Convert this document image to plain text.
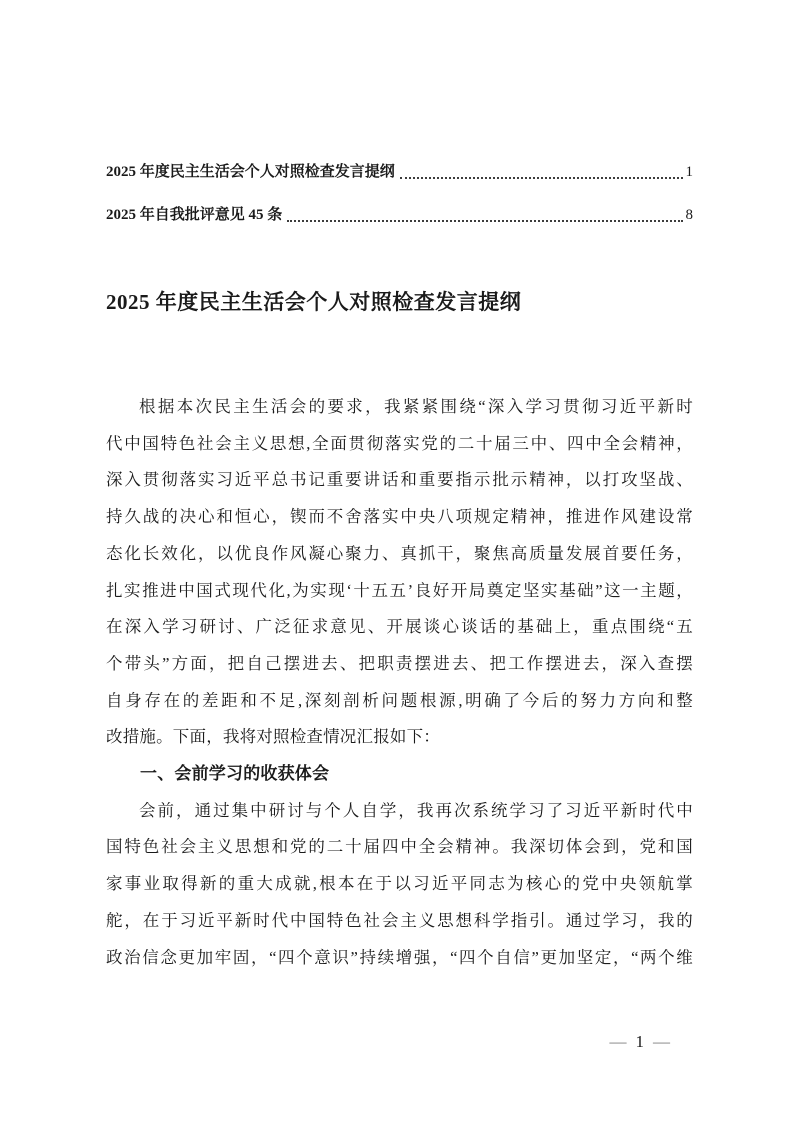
2025 年度民主生活会个人对照检查发言提纲	1
2025 年自我批评意见 45 条	8
2025 年度民主生活会个人对照检查发言提纲
根据本次民主生活会的要求，我紧紧围绕“深入学习贯彻习近平新时
代中国特色社会主义思想,全面贯彻落实党的二十届三中、四中全会精神，
深入贯彻落实习近平总书记重要讲话和重要指示批示精神，以打攻坚战、
持久战的决心和恒心，锲而不舍落实中央八项规定精神，推进作风建设常
态化长效化，以优良作风凝心聚力、真抓干，聚焦高质量发展首要任务，
扎实推进中国式现代化,为实现‘十五五’良好开局奠定坚实基础”这一主题，
在深入学习研讨、广泛征求意见、开展谈心谈话的基础上，重点围绕“五
个带头”方面，把自己摆进去、把职责摆进去、把工作摆进去，深入查摆
自身存在的差距和不足,深刻剖析问题根源,明确了今后的努力方向和整
改措施。下面，我将对照检查情况汇报如下：
一、会前学习的收获体会
会前，通过集中研讨与个人自学，我再次系统学习了习近平新时代中
国特色社会主义思想和党的二十届四中全会精神。我深切体会到，党和国
家事业取得新的重大成就,根本在于以习近平同志为核心的党中央领航掌
舵，在于习近平新时代中国特色社会主义思想科学指引。通过学习，我的
政治信念更加牢固，“四个意识”持续增强，“四个自信”更加坚定，“两个维
— 1 —
